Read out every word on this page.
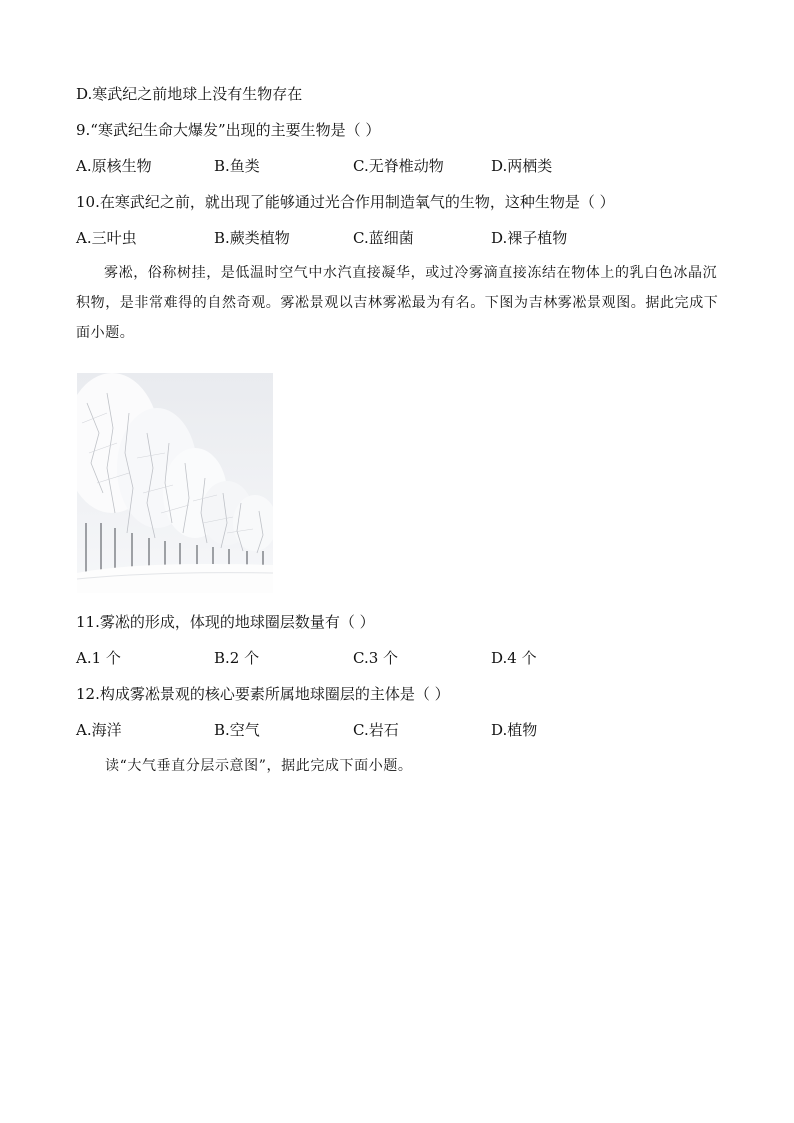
D.寒武纪之前地球上没有生物存在
9.“寒武纪生命大爆发”出现的主要生物是（ ）
A.原核生物	B.鱼类	C.无脊椎动物	D.两栖类
10.在寒武纪之前，就出现了能够通过光合作用制造氧气的生物，这种生物是（ ）
A.三叶虫	B.蕨类植物	C.蓝细菌	D.裸子植物
雾凇，俗称树挂，是低温时空气中水汽直接凝华，或过冷雾滴直接冻结在物体上的乳白色冰晶沉积物，是非常难得的自然奇观。雾凇景观以吉林雾凇最为有名。下图为吉林雾凇景观图。据此完成下面小题。
11.雾凇的形成，体现的地球圈层数量有（ ）
A.1 个	B.2 个	C.3 个	D.4 个
12.构成雾凇景观的核心要素所属地球圈层的主体是（ ）
A.海洋	B.空气	C.岩石	D.植物
读“大气垂直分层示意图”，据此完成下面小题。
